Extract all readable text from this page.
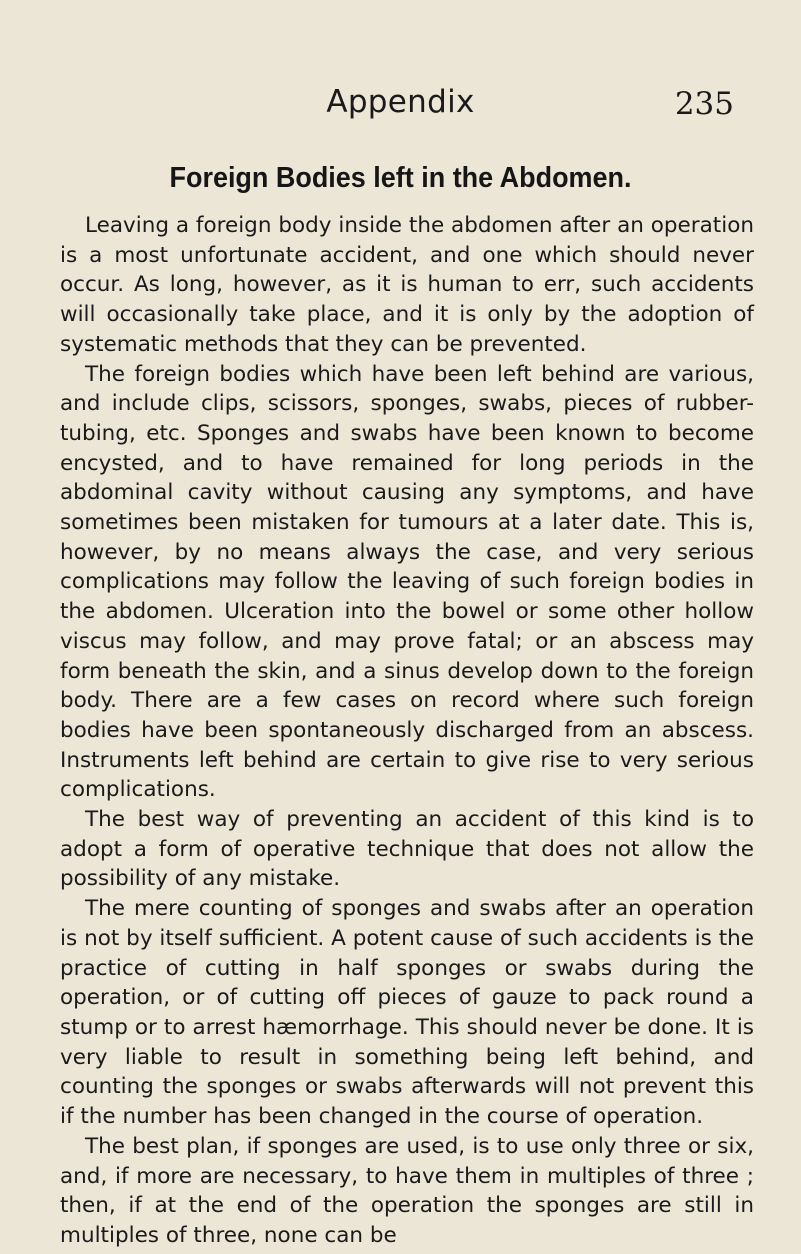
Appendix	235
Foreign Bodies left in the Abdomen.

Leaving a foreign body inside the abdomen after an operation is a most unfortunate accident, and one which should never occur. As long, however, as it is human to err, such accidents will occasionally take place, and it is only by the adoption of systematic methods that they can be prevented.

The foreign bodies which have been left behind are various, and include clips, scissors, sponges, swabs, pieces of rubber-tubing, etc. Sponges and swabs have been known to become encysted, and to have remained for long periods in the abdominal cavity without causing any symptoms, and have sometimes been mistaken for tumours at a later date. This is, however, by no means always the case, and very serious complications may follow the leaving of such foreign bodies in the abdomen. Ulceration into the bowel or some other hollow viscus may follow, and may prove fatal; or an abscess may form beneath the skin, and a sinus develop down to the foreign body. There are a few cases on record where such foreign bodies have been spontaneously discharged from an abscess. Instruments left behind are certain to give rise to very serious complications.

The best way of preventing an accident of this kind is to adopt a form of operative technique that does not allow the possibility of any mistake.

The mere counting of sponges and swabs after an operation is not by itself sufficient. A potent cause of such accidents is the practice of cutting in half sponges or swabs during the operation, or of cutting off pieces of gauze to pack round a stump or to arrest hæmorrhage. This should never be done. It is very liable to result in something being left behind, and counting the sponges or swabs afterwards will not prevent this if the number has been changed in the course of operation.

The best plan, if sponges are used, is to use only three or six, and, if more are necessary, to have them in multiples of three ; then, if at the end of the operation the sponges are still in multiples of three, none can be
